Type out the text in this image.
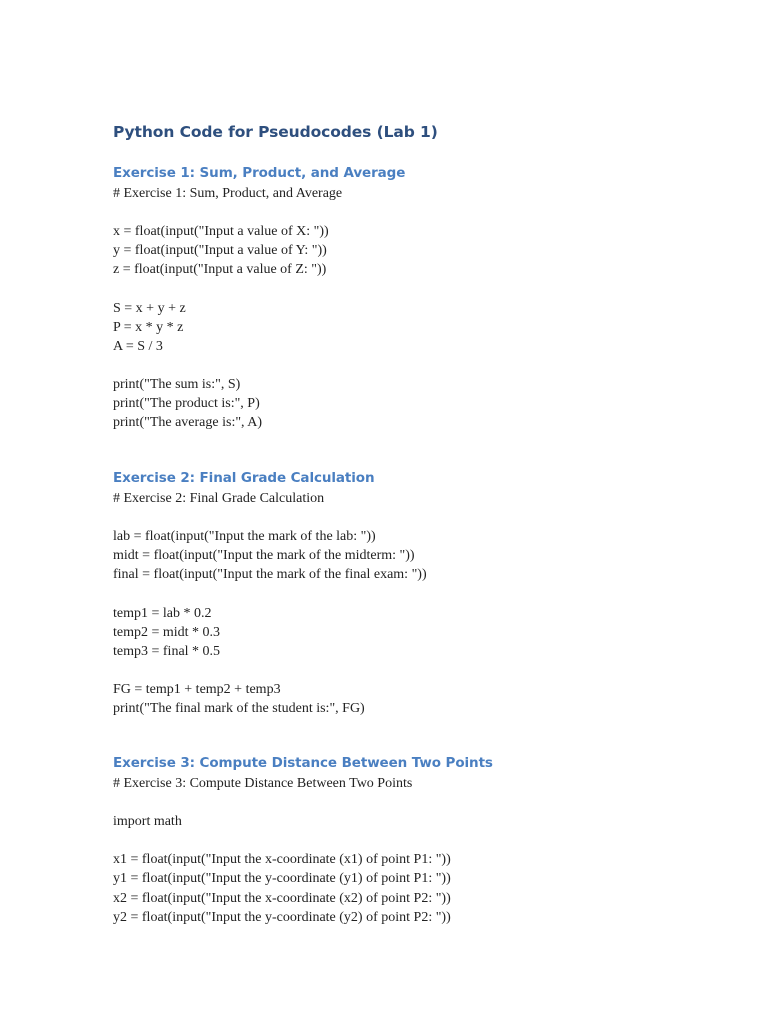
Python Code for Pseudocodes (Lab 1)
Exercise 1: Sum, Product, and Average
# Exercise 1: Sum, Product, and Average
x = float(input("Input a value of X: "))
y = float(input("Input a value of Y: "))
z = float(input("Input a value of Z: "))
S = x + y + z
P = x * y * z
A = S / 3
print("The sum is:", S)
print("The product is:", P)
print("The average is:", A)
Exercise 2: Final Grade Calculation
# Exercise 2: Final Grade Calculation
lab = float(input("Input the mark of the lab: "))
midt = float(input("Input the mark of the midterm: "))
final = float(input("Input the mark of the final exam: "))
temp1 = lab * 0.2
temp2 = midt * 0.3
temp3 = final * 0.5
FG = temp1 + temp2 + temp3
print("The final mark of the student is:", FG)
Exercise 3: Compute Distance Between Two Points
# Exercise 3: Compute Distance Between Two Points
import math
x1 = float(input("Input the x-coordinate (x1) of point P1: "))
y1 = float(input("Input the y-coordinate (y1) of point P1: "))
x2 = float(input("Input the x-coordinate (x2) of point P2: "))
y2 = float(input("Input the y-coordinate (y2) of point P2: "))
